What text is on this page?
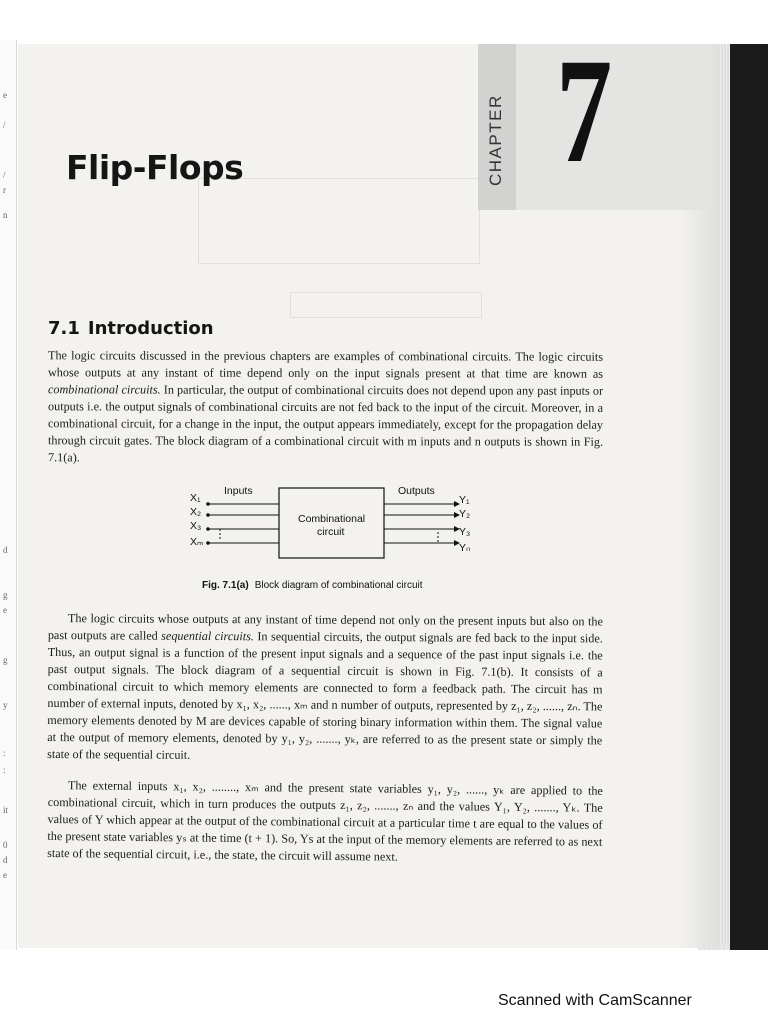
e
/
/
r
n
d
g
e
g
y
:
:
it
0
d
e
CHAPTER 7
Flip-Flops
7.1 Introduction

The logic circuits discussed in the previous chapters are examples of combinational circuits. The logic circuits whose outputs at any instant of time depend only on the input signals present at that time are known as combinational circuits. In particular, the output of combinational circuits does not depend upon any past inputs or outputs i.e. the output signals of combinational circuits are not fed back to the input of the circuit. Moreover, in a combinational circuit, for a change in the input, the output appears immediately, except for the propagation delay through circuit gates. The block diagram of a combinational circuit with m inputs and n outputs is shown in Fig. 7.1(a).

Inputs	Outputs
Combinational
circuit
X₁
X₂
X₃
Xₘ
Y₁
Y₂
Y₃
Yₙ
Fig. 7.1(a) Block diagram of combinational circuit

The logic circuits whose outputs at any instant of time depend not only on the present inputs but also on the past outputs are called sequential circuits. In sequential circuits, the output signals are fed back to the input side. Thus, an output signal is a function of the present input signals and a sequence of the past input signals i.e. the past output signals. The block diagram of a sequential circuit is shown in Fig. 7.1(b). It consists of a combinational circuit to which memory elements are connected to form a feedback path. The circuit has m number of external inputs, denoted by x₁, x₂, ......, xₘ and n number of outputs, represented by z₁, z₂, ......, zₙ. The memory elements denoted by M are devices capable of storing binary information within them. The signal value at the output of memory elements, denoted by y₁, y₂, ......., yₖ, are referred to as the present state or simply the state of the sequential circuit.

The external inputs x₁, x₂, ........, xₘ and the present state variables y₁, y₂, ......, yₖ are applied to the combinational circuit, which in turn produces the outputs z₁, z₂, ......., zₙ and the values Y₁, Y₂, ......., Yₖ. The values of Y which appear at the output of the combinational circuit at a particular time t are equal to the values of the present state variables yₛ at the time (t + 1). So, Ys at the input of the memory elements are referred to as next state of the sequential circuit, i.e., the state, the circuit will assume next.

Scanned with CamScanner
